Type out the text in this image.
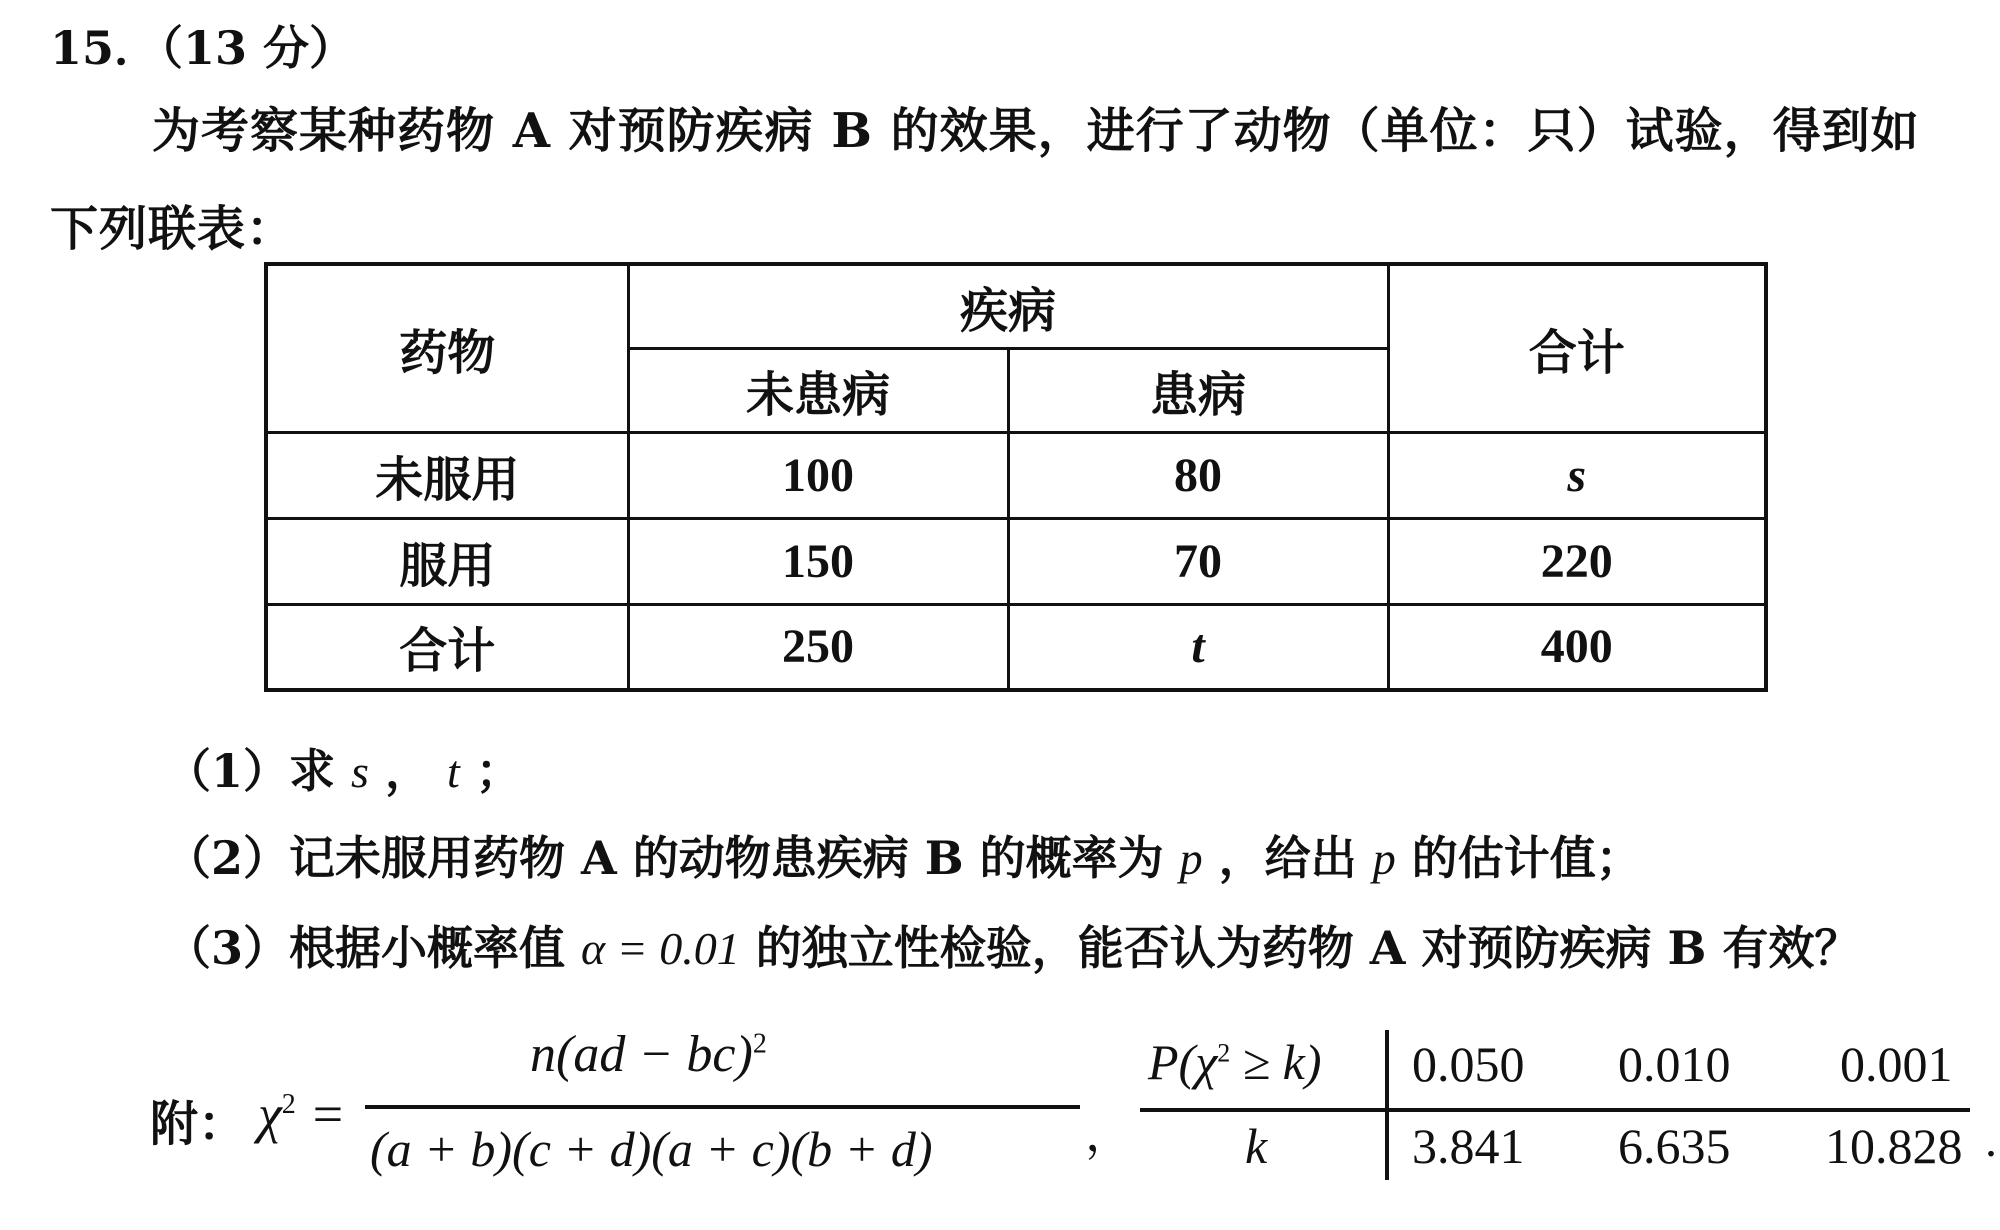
15．（13 分）
为考察某种药物 A 对预防疾病 B 的效果，进行了动物（单位：只）试验，得到如
下列联表：
药物	疾病		合计
	未患病	患病	
未服用	100	80	s
服用	150	70	220
合计	250	t	400
（1）求 s ， t ；
（2）记未服用药物 A 的动物患疾病 B 的概率为 p ，给出 p 的估计值；
（3）根据小概率值 α = 0.01 的独立性检验，能否认为药物 A 对预防疾病 B 有效？
附： $\chi^2$ =
n(ad − bc)$^2$
(a + b)(c + d)(a + c)(b + d)	，
$P(\chi^2 \ge k)$ 0.050 0.010 0.001
k	3.841 6.635 10.828 .
